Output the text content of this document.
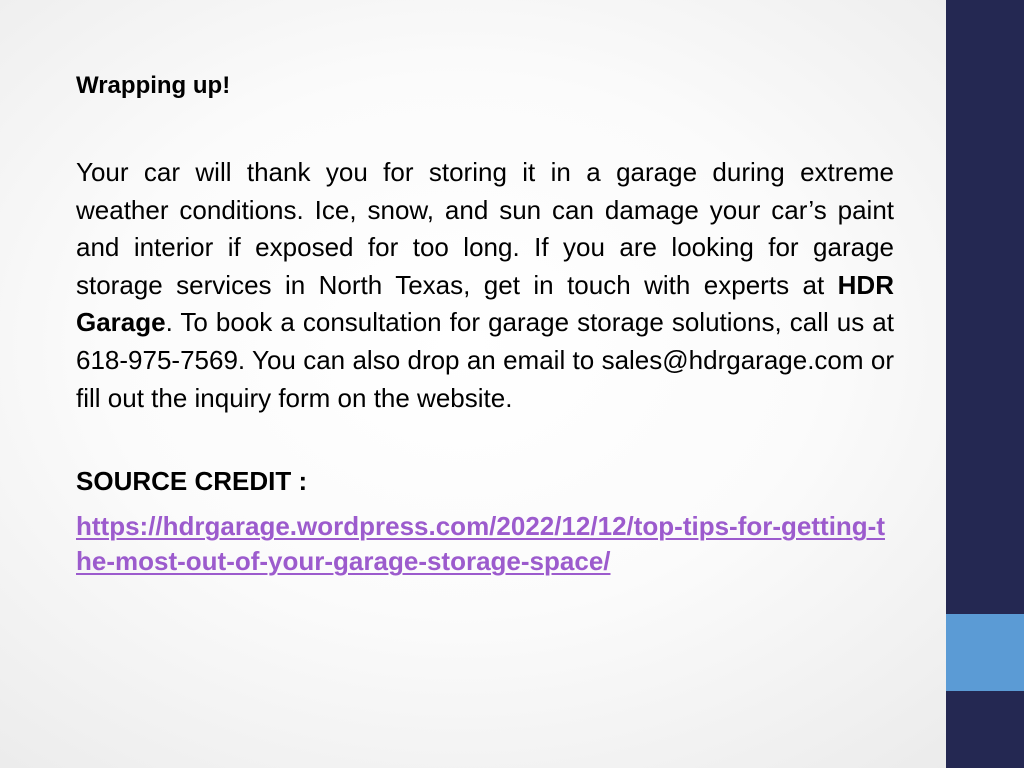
Wrapping up!

Your car will thank you for storing it in a garage during extreme weather conditions. Ice, snow, and sun can damage your car’s paint and interior if exposed for too long. If you are looking for garage storage services in North Texas, get in touch with experts at HDR Garage. To book a consultation for garage storage solutions, call us at 618-975-7569. You can also drop an email to sales@hdrgarage.com or fill out the inquiry form on the website.

SOURCE CREDIT :

https://hdrgarage.wordpress.com/2022/12/12/top-tips-for-getting-the-most-out-of-your-garage-storage-space/
